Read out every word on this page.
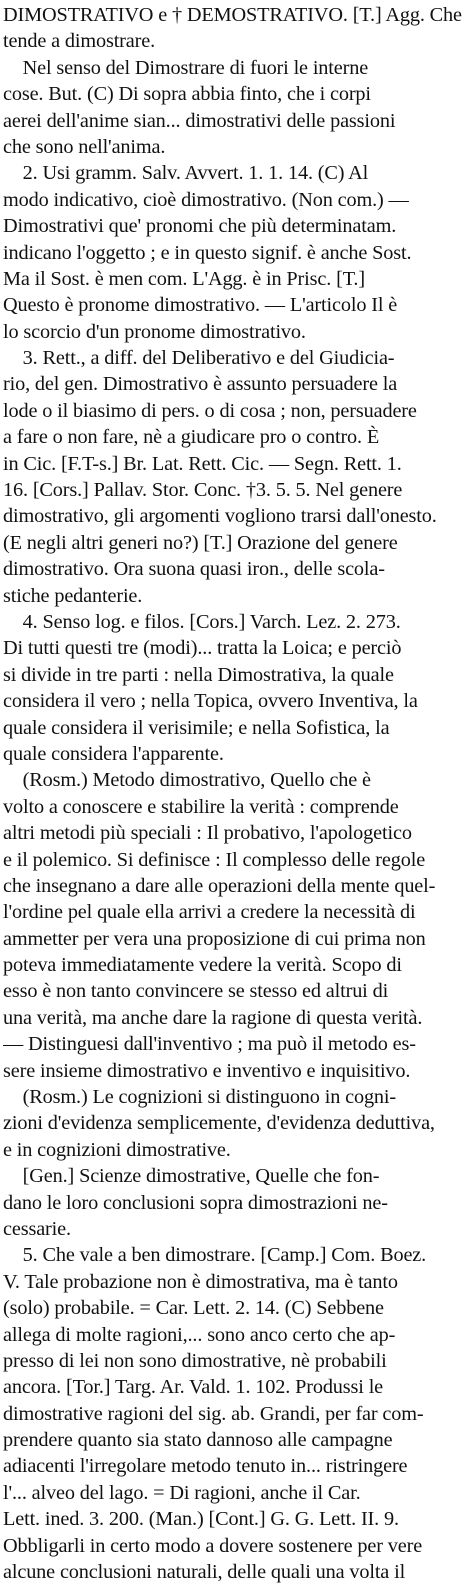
DIMOSTRATIVO e † DEMOSTRATIVO. [T.] Agg. Che
tende a dimostrare.
Nel senso del Dimostrare di fuori le interne
cose. But. (C) Di sopra abbia finto, che i corpi
aerei dell'anime sian... dimostrativi delle passioni
che sono nell'anima.
2. Usi gramm. Salv. Avvert. 1. 1. 14. (C) Al
modo indicativo, cioè dimostrativo. (Non com.) —
Dimostrativi que' pronomi che più determinatam.
indicano l'oggetto ; e in questo signif. è anche Sost.
Ma il Sost. è men com. L'Agg. è in Prisc. [T.]
Questo è pronome dimostrativo. — L'articolo Il è
lo scorcio d'un pronome dimostrativo.
3. Rett., a diff. del Deliberativo e del Giudicia-
rio, del gen. Dimostrativo è assunto persuadere la
lode o il biasimo di pers. o di cosa ; non, persuadere
a fare o non fare, nè a giudicare pro o contro. È
in Cic. [F.T-s.] Br. Lat. Rett. Cic. — Segn. Rett. 1.
16. [Cors.] Pallav. Stor. Conc. †3. 5. 5. Nel genere
dimostrativo, gli argomenti vogliono trarsi dall'onesto.
(E negli altri generi no?) [T.] Orazione del genere
dimostrativo. Ora suona quasi iron., delle scola-
stiche pedanterie.
4. Senso log. e filos. [Cors.] Varch. Lez. 2. 273.
Di tutti questi tre (modi)... tratta la Loica; e perciò
si divide in tre parti : nella Dimostrativa, la quale
considera il vero ; nella Topica, ovvero Inventiva, la
quale considera il verisimile; e nella Sofistica, la
quale considera l'apparente.
(Rosm.) Metodo dimostrativo, Quello che è
volto a conoscere e stabilire la verità : comprende
altri metodi più speciali : Il probativo, l'apologetico
e il polemico. Si definisce : Il complesso delle regole
che insegnano a dare alle operazioni della mente quel-
l'ordine pel quale ella arrivi a credere la necessità di
ammetter per vera una proposizione di cui prima non
poteva immediatamente vedere la verità. Scopo di
esso è non tanto convincere se stesso ed altrui di
una verità, ma anche dare la ragione di questa verità.
— Distinguesi dall'inventivo ; ma può il metodo es-
sere insieme dimostrativo e inventivo e inquisitivo.
(Rosm.) Le cognizioni si distinguono in cogni-
zioni d'evidenza semplicemente, d'evidenza deduttiva,
e in cognizioni dimostrative.
[Gen.] Scienze dimostrative, Quelle che fon-
dano le loro conclusioni sopra dimostrazioni ne-
cessarie.
5. Che vale a ben dimostrare. [Camp.] Com. Boez.
V. Tale probazione non è dimostrativa, ma è tanto
(solo) probabile. = Car. Lett. 2. 14. (C) Sebbene
allega di molte ragioni,... sono anco certo che ap-
presso di lei non sono dimostrative, nè probabili
ancora. [Tor.] Targ. Ar. Vald. 1. 102. Produssi le
dimostrative ragioni del sig. ab. Grandi, per far com-
prendere quanto sia stato dannoso alle campagne
adiacenti l'irregolare metodo tenuto in... ristringere
l'... alveo del lago. = Di ragioni, anche il Car.
Lett. ined. 3. 200. (Man.) [Cont.] G. G. Lett. II. 9.
Obbligarli in certo modo a dovere sostenere per vere
alcune conclusioni naturali, delle quali una volta il
